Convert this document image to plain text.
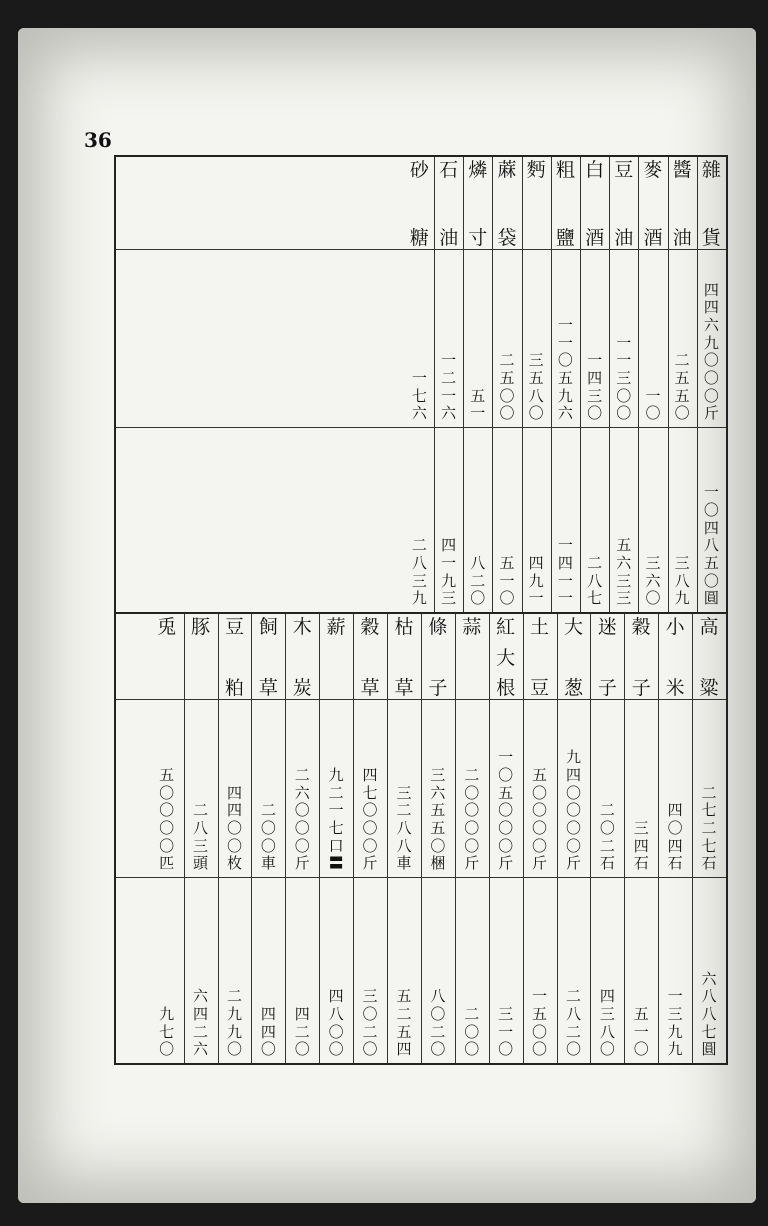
36
雜
貨
四
四
六
九
〇
〇
〇
斤
一
〇
四
八
五
〇
圓
醬
油
二
五
五
〇
三
八
九
麥
酒
一
〇
三
六
〇
豆
油
一
一
三
〇
〇
五
六
三
三
白
酒
一
四
三
〇
二
八
七
粗
鹽
一
一
〇
五
九
六
一
四
一
一
麪
三
五
八
〇
四
九
一
蔴
袋
二
五
〇
〇
五
一
〇
燐
寸
五
一
八
二
〇
石
油
一
二
一
六
四
一
九
三
砂
糖
一
七
六
二
八
三
九
高
粱
二
七
二
七
石
六
八
八
七
圓
小
米
四
〇
四
石
一
三
九
九
穀
子
三
四
石
五
一
〇
迷
子
二
〇
二
石
四
三
八
〇
大
葱
九
四
〇
〇
〇
〇
斤
二
八
二
〇
土
豆
五
〇
〇
〇
〇
斤
一
五
〇
〇
紅
大
根
一
〇
五
〇
〇
〇
斤
三
一
〇
蒜
二
〇
〇
〇
〇
斤
二
〇
〇
條
子
三
六
五
五
〇
梱
八
〇
二
〇
枯
草
三
二
八
八
車
五
二
五
四
穀
草
四
七
〇
〇
〇
斤
三
〇
二
〇
薪
九
二
一
七
口
〓
四
八
〇
〇
木
炭
二
六
〇
〇
〇
斤
四
二
〇
飼
草
二
〇
〇
車
四
四
〇
豆
粕
四
四
〇
〇
枚
二
九
九
〇
豚
二
八
三
頭
六
四
二
六
兎
五
〇
〇
〇
〇
匹
九
七
〇
